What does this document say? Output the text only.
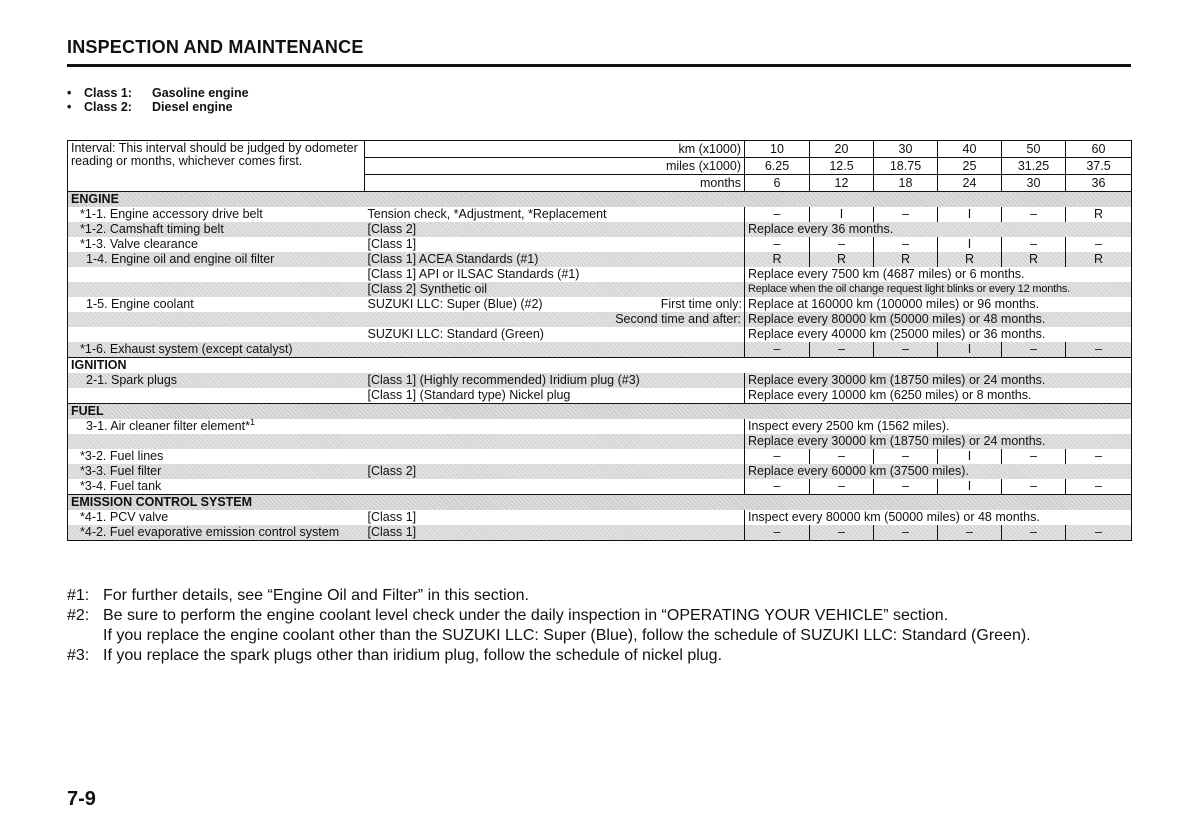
INSPECTION AND MAINTENANCE
•	Class 1:	Gasoline engine
•	Class 2:	Diesel engine
Interval: This interval should be judged by odometer reading or months, whichever comes first.	km (x1000)	10	20	30	40	50	60
	miles (x1000)	6.25	12.5	18.75	25	31.25	37.5
	months	6	12	18	24	30	36
ENGINE							
*1-1. Engine accessory drive belt	Tension check, *Adjustment, *Replacement	–	I	–	I	–	R
*1-2. Camshaft timing belt	[Class 2]	Replace every 36 months.					
*1-3. Valve clearance	[Class 1]	–	–	–	I	–	–
1-4. Engine oil and engine oil filter	[Class 1] ACEA Standards (#1)	R	R	R	R	R	R
	[Class 1] API or ILSAC Standards (#1)	Replace every 7500 km (4687 miles) or 6 months.					
	[Class 2] Synthetic oil	Replace when the oil change request light blinks or every 12 months.					
1-5. Engine coolant	SUZUKI LLC: Super (Blue) (#2) First time only:	Replace at 160000 km (100000 miles) or 96 months.					
	Second time and after:	Replace every 80000 km (50000 miles) or 48 months.					
	SUZUKI LLC: Standard (Green)	Replace every 40000 km (25000 miles) or 36 months.					
*1-6. Exhaust system (except catalyst)		–	–	–	I	–	–
IGNITION							
2-1. Spark plugs	[Class 1] (Highly recommended) Iridium plug (#3)	Replace every 30000 km (18750 miles) or 24 months.					
	[Class 1] (Standard type) Nickel plug	Replace every 10000 km (6250 miles) or 8 months.					
FUEL							
3-1. Air cleaner filter element*$^1$		Inspect every 2500 km (1562 miles).					
		Replace every 30000 km (18750 miles) or 24 months.					
*3-2. Fuel lines		–	–	–	I	–	–
*3-3. Fuel filter	[Class 2]	Replace every 60000 km (37500 miles).					
*3-4. Fuel tank		–	–	–	I	–	–
EMISSION CONTROL SYSTEM							
*4-1. PCV valve	[Class 1]	Inspect every 80000 km (50000 miles) or 48 months.					
*4-2. Fuel evaporative emission control system	[Class 1]	–	–	–	–	–	–
#1: For further details, see “Engine Oil and Filter” in this section.
#2: Be sure to perform the engine coolant level check under the daily inspection in “OPERATING YOUR VEHICLE” section.
If you replace the engine coolant other than the SUZUKI LLC: Super (Blue), follow the schedule of SUZUKI LLC: Standard (Green).
#3: If you replace the spark plugs other than iridium plug, follow the schedule of nickel plug.
7-9
